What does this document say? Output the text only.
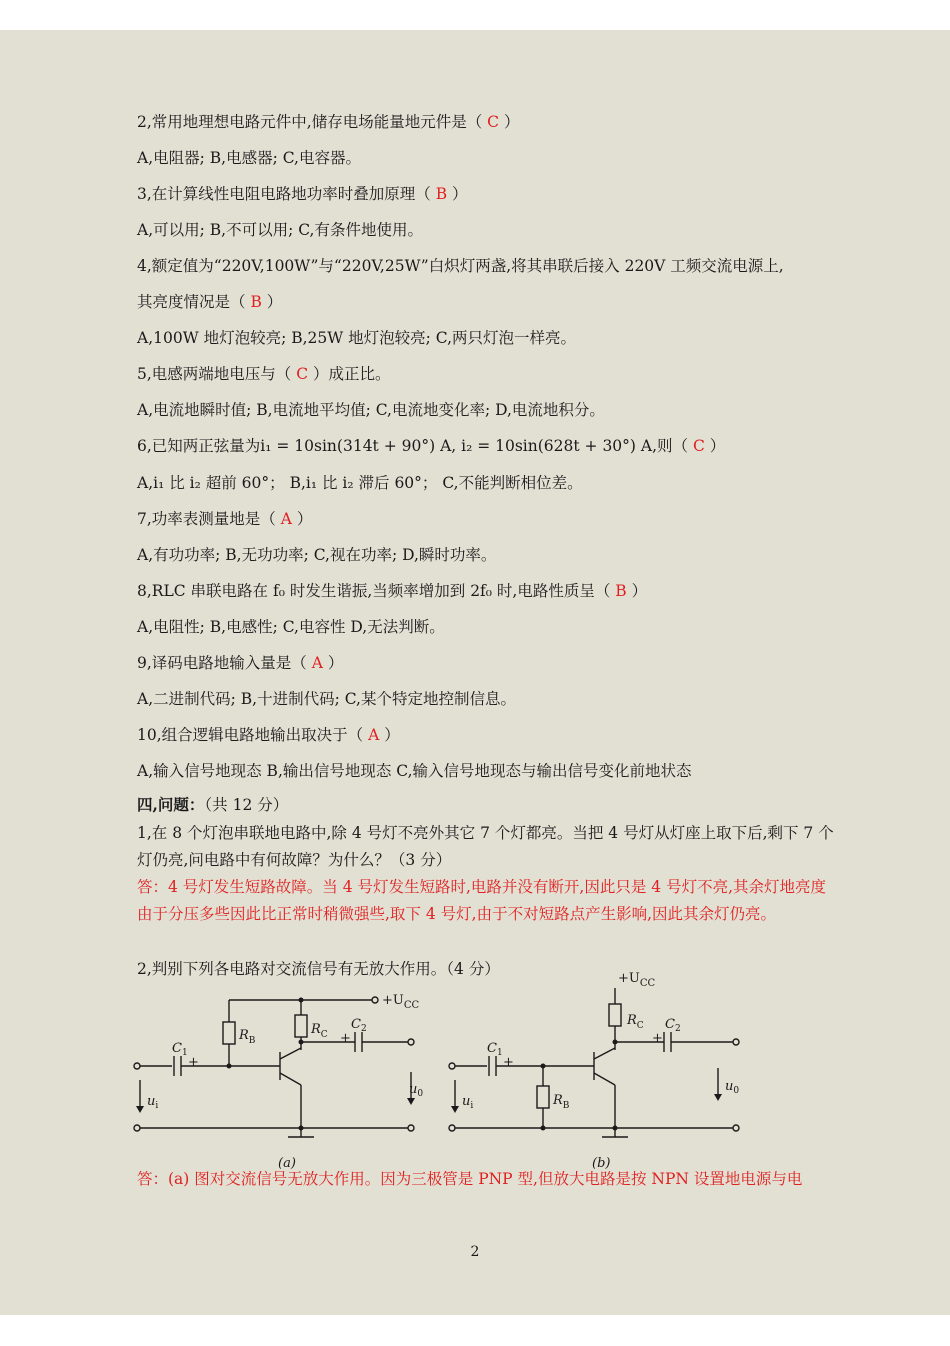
2,常用地理想电路元件中,储存电场能量地元件是（ C ）
A,电阻器; B,电感器; C,电容器。
3,在计算线性电阻电路地功率时叠加原理（ B ）
A,可以用; B,不可以用; C,有条件地使用。
4,额定值为“220V,100W”与“220V,25W”白炽灯两盏,将其串联后接入 220V 工频交流电源上,
其亮度情况是（ B ）
A,100W 地灯泡较亮; B,25W 地灯泡较亮; C,两只灯泡一样亮。
5,电感两端地电压与（ C ）成正比。
A,电流地瞬时值; B,电流地平均值; C,电流地变化率; D,电流地积分。
6,已知两正弦量为i₁ = 10sin(314t + 90°) A, i₂ = 10sin(628t + 30°) A,则（ C ）
A,i₁ 比 i₂ 超前 60°； B,i₁ 比 i₂ 滞后 60°； C,不能判断相位差。
7,功率表测量地是（ A ）
A,有功功率; B,无功功率; C,视在功率; D,瞬时功率。
8,RLC 串联电路在 f₀ 时发生谐振,当频率增加到 2f₀ 时,电路性质呈（ B ）
A,电阻性; B,电感性; C,电容性 D,无法判断。
9,译码电路地输入量是（ A ）
A,二进制代码; B,十进制代码; C,某个特定地控制信息。
10,组合逻辑电路地输出取决于（ A ）
A,输入信号地现态 B,输出信号地现态 C,输入信号地现态与输出信号变化前地状态
四,问题：（共 12 分）
1,在 8 个灯泡串联地电路中,除 4 号灯不亮外其它 7 个灯都亮。当把 4 号灯从灯座上取下后,剩下 7 个灯仍亮,问电路中有何故障？为什么？（3 分）
答：4 号灯发生短路故障。当 4 号灯发生短路时,电路并没有断开,因此只是 4 号灯不亮,其余灯地亮度由于分压多些因此比正常时稍微强些,取下 4 号灯,由于不对短路点产生影响,因此其余灯仍亮。
2,判别下列各电路对交流信号有无放大作用。（4 分）
$+U_{CC}$
$R_B$
$R_C$
$C_1$
$C_2$
+
+
$u_i$
$u_0$
(a)
$+U_{CC}$
$R_C$
$R_B$
$C_1$
$C_2$
+
+
$u_i$
$u_0$
(b)
答：(a) 图对交流信号无放大作用。因为三极管是 PNP 型,但放大电路是按 NPN 设置地电源与电
2
